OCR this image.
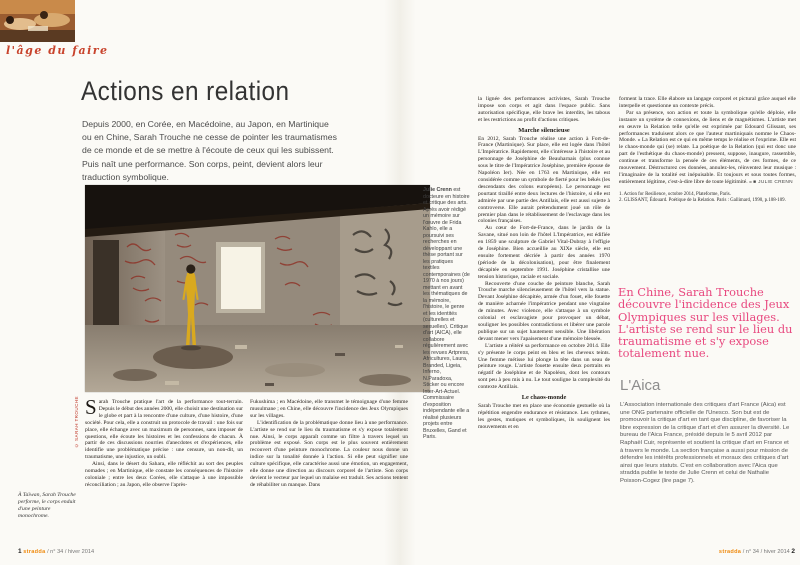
l'âge du faire
Actions en relation

Depuis 2000, en Corée, en Macédoine, au Japon, en Martinique ou en Chine, Sarah Trouche ne cesse de pointer les traumatismes de ce monde et de se mettre à l'écoute de ceux qui les subissent. Puis naît une performance. Son corps, peint, devient alors leur traduction symbolique.

© SARAH TROUCHE
À Taïwan, Sarah Trouche performe, le corps enduit d'une peinture monochrome.

Sarah Trouche pratique l'art de la performance tout-terrain. Depuis le début des années 2000, elle choisit une destination sur le globe et part à la rencontre d'une culture, d'une histoire, d'une société. Pour cela, elle a construit un protocole de travail : une fois sur place, elle échange avec un maximum de personnes, sans imposer de questions, elle écoute les histoires et les confessions de chacun. À partir de ces discussions nourries d'anecdotes et d'expériences, elle identifie une problématique précise : une censure, un non-dit, un traumatisme, une injustice, un oubli.

Ainsi, dans le désert du Sahara, elle réfléchit au sort des peuples nomades ; en Martinique, elle constate les conséquences de l'histoire coloniale ; entre les deux Corées, elle s'attaque à une impossible réconciliation ; au Japon, elle observe l'après-

Fukushima ; en Macédoine, elle transmet le témoignage d'une femme musulmane ; en Chine, elle découvre l'incidence des Jeux Olympiques sur les villages.

L'identification de la problématique donne lieu à une performance. L'artiste se rend sur le lieu du traumatisme et s'y expose totalement nue. Ainsi, le corps apparaît comme un filtre à travers lequel un problème est exposé. Son corps est le plus souvent entièrement recouvert d'une peinture monochrome. La couleur nous donne un indice sur la tonalité donnée à l'action. Si elle peut signifier une culture spécifique, elle caractérise aussi une émotion, un engagement, elle donne une direction au discours corporel de l'artiste. Son corps devient le vecteur par lequel un malaise est traduit. Ses actions tentent de réhabiliter un manque. Dans

Julie Crenn est docteure en histoire et critique des arts. Après avoir rédigé un mémoire sur l'œuvre de Frida Kahlo, elle a poursuivi ses recherches en développant une thèse portant sur les pratiques textiles contemporaines (de 1970 à nos jours) mettant en avant les thématiques de la mémoire, l'histoire, le genre et les identités (culturelles et sexuelles). Critique d'art (AICA), elle collabore régulièrement avec les revues Artpress, Africultures, Laura, Branded, Ligeia, Inferno, N.Paradoxa, Sticker ou encore Inter-Art-Actuel. Commissaire d'exposition indépendante elle a réalisé plusieurs projets entre Bruxelles, Gand et Paris.

la lignée des performances activistes, Sarah Trouche impose son corps et agit dans l'espace public. Sans autorisation spécifique, elle brave les interdits, les tabous et les restrictions au profit d'actions critiques.

Marche silencieuse

En 2012, Sarah Trouche réalise une action à Fort-de-France (Martinique). Sur place, elle est logée dans l'hôtel L'Impératrice. Rapidement, elle s'intéresse à l'histoire et au personnage de Joséphine de Beauharnais (plus connue sous le titre de l'Impératrice Joséphine, première épouse de Napoléon Ier). Née en 1763 en Martinique, elle est considérée comme un symbole de fierté pour les békés (les descendants des colons européens). Le personnage est pourtant tiraillé entre deux lectures de l'histoire, si elle est admirée par une partie des Antillais, elle est aussi sujette à controverse. Elle aurait prétendument joué un rôle de premier plan dans le rétablissement de l'esclavage dans les colonies françaises.

Au cœur de Fort-de-France, dans le jardin de la Savane, situé non loin de l'hôtel L'Impératrice, est édifiée en 1859 une sculpture de Gabriel Vital-Dubray à l'effigie de Joséphine. Bien accueillie au XIXe siècle, elle est ensuite fortement décriée à partir des années 1970 (période de la décolonisation), pour être finalement décapitée en septembre 1991. Joséphine cristallise une tension historique, raciale et sociale.

Recouverte d'une couche de peinture blanche, Sarah Trouche marche silencieusement de l'hôtel vers la statue. Devant Joséphine décapitée, armée d'un fouet, elle fouette de manière acharnée l'impératrice pendant une vingtaine de minutes. Avec violence, elle s'attaque à un symbole colonial et esclavagiste pour provoquer un débat, souligner les possibles contradictions et libérer une parole publique sur un sujet hautement sensible. Une libération devant mener vers l'apaisement d'une mémoire blessée.

L'artiste a réitéré sa performance en octobre 2014. Elle s'y présente le corps peint en bleu et les cheveux teints. Une femme métisse lui plonge la tête dans un seau de peinture rouge. L'artiste fouette ensuite deux portraits en négatif de Joséphine et de Napoléon, dont les contours sont peu à peu mis à nu. Le tout souligne la complexité du contexte Antillais.

Le chaos-monde

Sarah Trouche met en place une économie gestuelle où la répétition engendre endurance et résistance. Les rythmes, les gestes, mutiques et symboliques, ils soulignent les mouvements et en

forment la trace. Elle élabore un langage corporel et pictural grâce auquel elle interpelle et questionne un contexte précis.

Par sa présence, son action et toute la symbolique qu'elle déploie, elle instaure un système de connexions, de liens et de magnétismes. L'artiste met en œuvre la Relation telle qu'elle est exprimée par Edouard Glissant, ses performances traduisent alors ce que l'auteur martiniquais nomme le Chaos-Monde. « La Relation est ce qui en même temps le réalise et l'exprime. Elle est le chaos-monde qui (se) relate. La poétique de la Relation (qui est donc une part de l'esthétique du chaos-monde) pressent, suppose, inaugure, rassemble, continue et transforme la pensée de ces éléments, de ces formes, de ce mouvement. Déstructurez ces données, annulez-les, réinventez leur musique : l'imaginaire de la totalité est inépuisable. Et toujours et sous toutes formes, entièrement légitime, c'est-à-dire libre de toute légitimité. » ■ JULIE CRENN

1. Action for Resilience, octobre 2014, Plateforme, Paris.
2. GLISSANT, Édouard. Poétique de la Relation. Paris : Gallimard, 1990, p.108-109.
En Chine, Sarah Trouche découvre l'incidence des Jeux Olympiques sur les villages. L'artiste se rend sur le lieu du traumatisme et s'y expose totalement nue.
L'Aica
L'Association internationale des critiques d'art France (Aica) est une ONG partenaire officielle de l'Unesco. Son but est de promouvoir la critique d'art en tant que discipline, de favoriser la libre expression de la critique d'art et d'en assurer la diversité. Le bureau de l'Aica France, présidé depuis le 5 avril 2012 par Raphaël Cuir, représente et soutient la critique d'art en France et à travers le monde. La section française a aussi pour mission de défendre les intérêts professionnels et moraux des critiques d'art ainsi que leurs statuts. C'est en collaboration avec l'Aica que stradda publie le texte de Julie Crenn et celui de Nathalie Poisson-Cogez (lire page 7).
1 stradda / n° 34 / hiver 2014	stradda / n° 34 / hiver 2014 2
